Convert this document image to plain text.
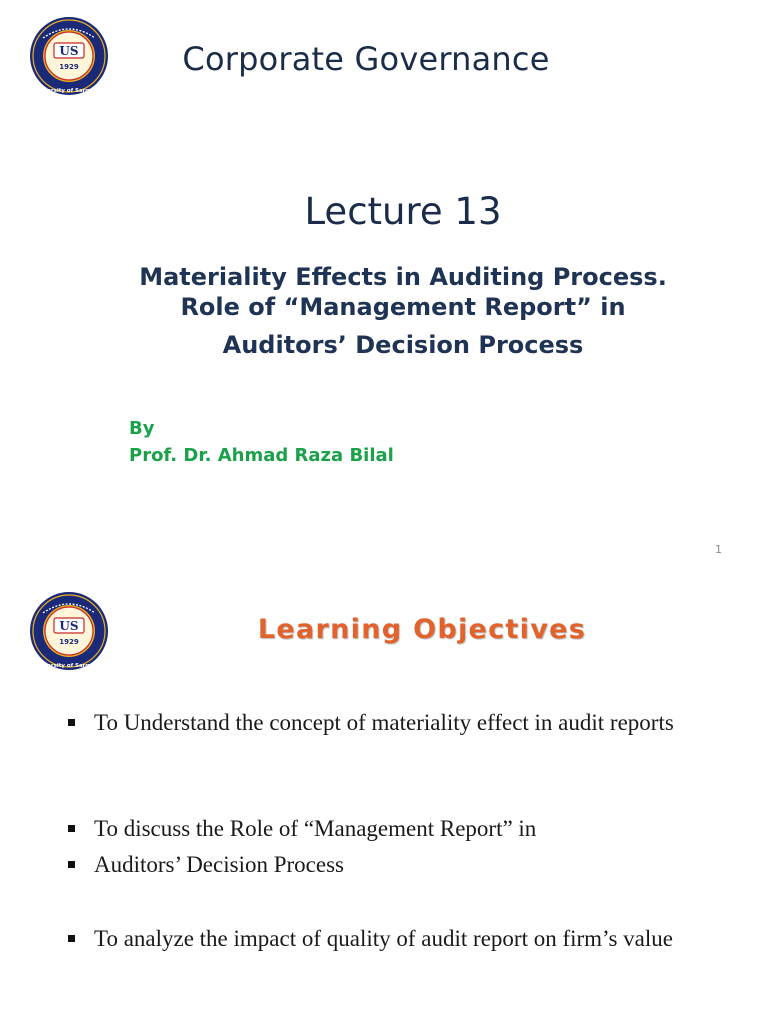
US
1929
University of Sargodha
Corporate Governance
Lecture 13
Materiality Effects in Auditing Process.
Role of “Management Report” in
Auditors’ Decision Process
By
Prof. Dr. Ahmad Raza Bilal
1
US
1929
University of Sargodha
Learning Objectives
To Understand the concept of materiality effect in audit reports
To discuss the Role of “Management Report” in
Auditors’ Decision Process
To analyze the impact of quality of audit report on firm’s value
